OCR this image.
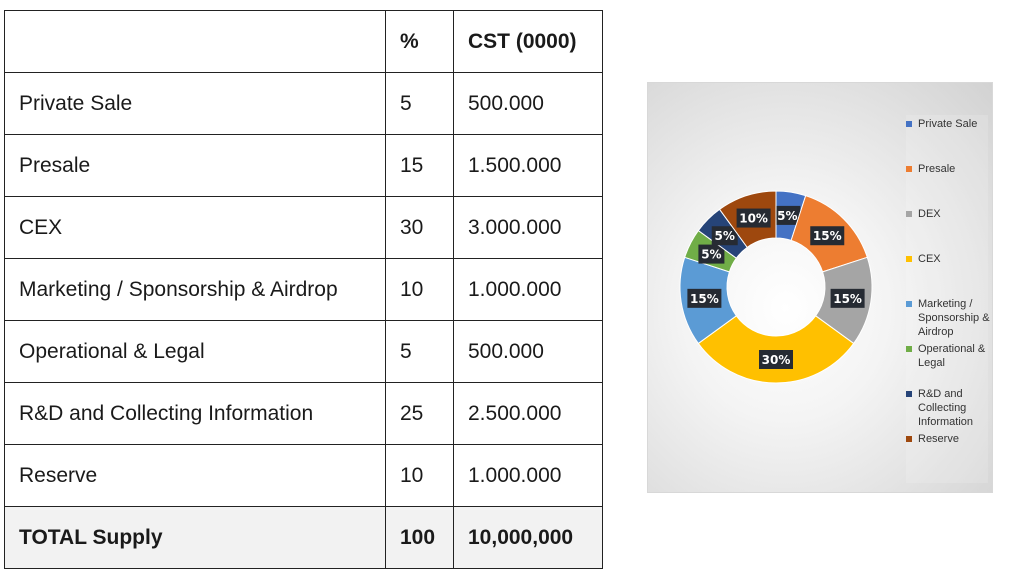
	%	CST (0000)
Private Sale	5	500.000
Presale	15	1.500.000
CEX	30	3.000.000
Marketing / Sponsorship & Airdrop	10	1.000.000
Operational & Legal	5	500.000
R&D and Collecting Information	25	2.500.000
Reserve	10	1.000.000
TOTAL Supply	100	10,000,000
5%
15%
15%
30%
15%
5%
5%
10%
Private Sale
Presale
DEX
CEX
Marketing / Sponsorship & Airdrop
Operational & Legal
R&D and Collecting Information
Reserve
